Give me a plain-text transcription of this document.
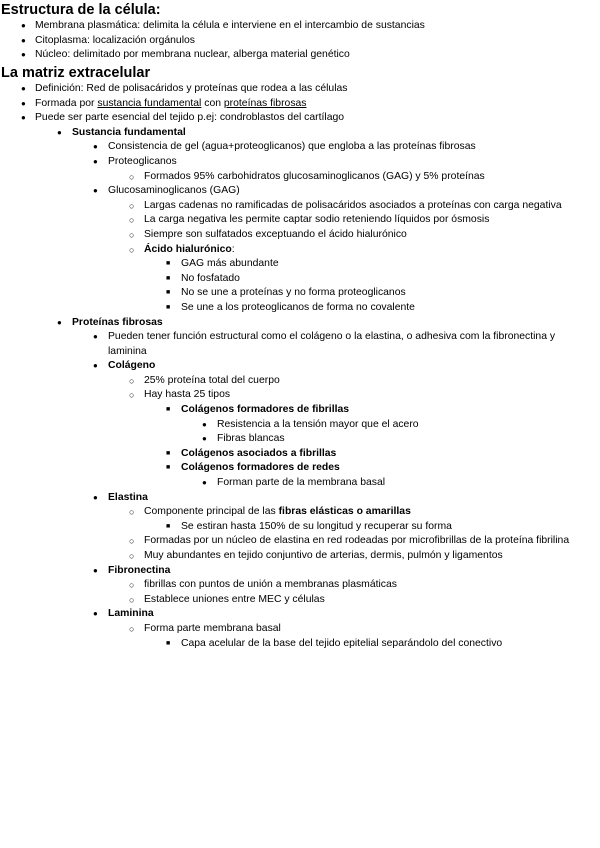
Estructura de la célula:
● Membrana plasmática: delimita la célula e interviene en el intercambio de sustancias
● Citoplasma: localización orgánulos
● Núcleo: delimitado por membrana nuclear, alberga material genético
La matriz extracelular
● Definición: Red de polisacáridos y proteínas que rodea a las células
● Formada por sustancia fundamental con proteínas fibrosas
● Puede ser parte esencial del tejido p.ej: condroblastos del cartílago
● Sustancia fundamental
● Consistencia de gel (agua+proteoglicanos) que engloba a las proteínas fibrosas
● Proteoglicanos
○ Formados 95% carbohidratos glucosaminoglicanos (GAG) y 5% proteínas
● Glucosaminoglicanos (GAG)
○ Largas cadenas no ramificadas de polisacáridos asociados a proteínas con carga negativa
○ La carga negativa les permite captar sodio reteniendo líquidos por ósmosis
○ Siempre son sulfatados exceptuando el ácido hialurónico
○ Ácido hialurónico:
■ GAG más abundante
■ No fosfatado
■ No se une a proteínas y no forma proteoglicanos
■ Se une a los proteoglicanos de forma no covalente
● Proteínas fibrosas
● Pueden tener función estructural como el colágeno o la elastina, o adhesiva com la fibronectina y laminina
● Colágeno
○ 25% proteína total del cuerpo
○ Hay hasta 25 tipos
■ Colágenos formadores de fibrillas
● Resistencia a la tensión mayor que el acero
● Fibras blancas
■ Colágenos asociados a fibrillas
■ Colágenos formadores de redes
● Forman parte de la membrana basal
● Elastina
○ Componente principal de las fibras elásticas o amarillas
■ Se estiran hasta 150% de su longitud y recuperar su forma
○ Formadas por un núcleo de elastina en red rodeadas por microfibrillas de la proteína fibrilina
○ Muy abundantes en tejido conjuntivo de arterias, dermis, pulmón y ligamentos
● Fibronectina
○ fibrillas con puntos de unión a membranas plasmáticas
○ Establece uniones entre MEC y células
● Laminina
○ Forma parte membrana basal
■ Capa acelular de la base del tejido epitelial separándolo del conectivo
